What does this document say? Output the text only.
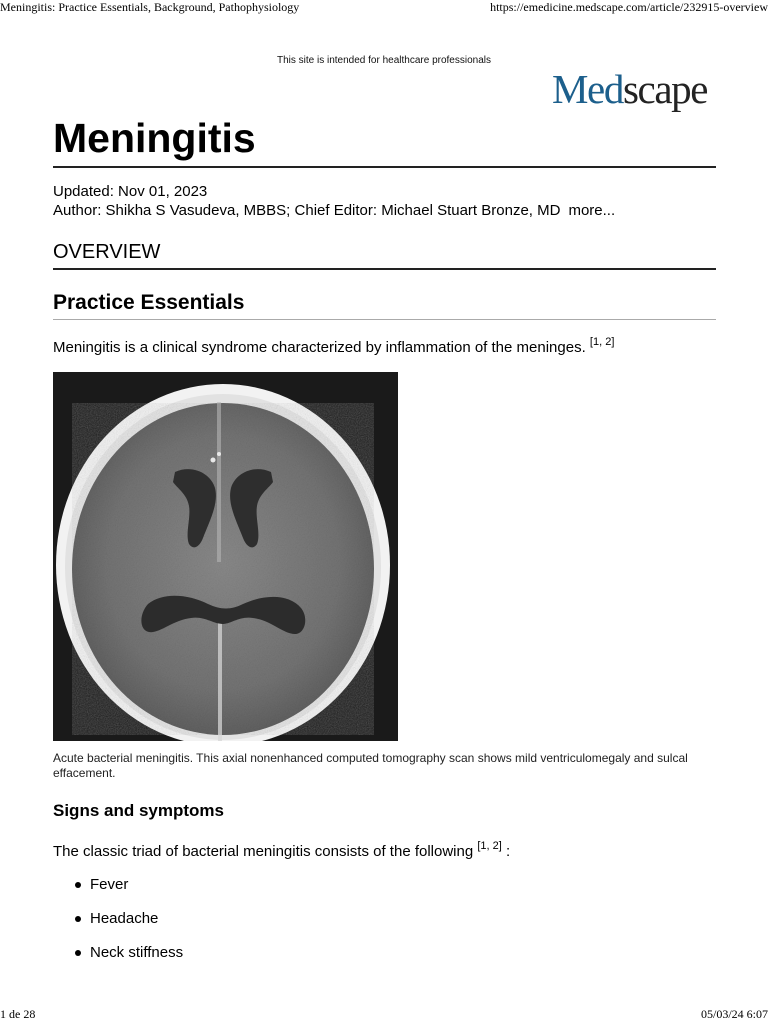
Meningitis: Practice Essentials, Background, Pathophysiology	https://emedicine.medscape.com/article/232915-overview
This site is intended for healthcare professionals
Medscape
Meningitis
Updated: Nov 01, 2023
Author: Shikha S Vasudeva, MBBS; Chief Editor: Michael Stuart Bronze, MD more...
OVERVIEW
Practice Essentials
Meningitis is a clinical syndrome characterized by inflammation of the meninges. [1, 2]
Acute bacterial meningitis. This axial nonenhanced computed tomography scan shows mild ventriculomegaly and sulcal effacement.
Signs and symptoms
The classic triad of bacterial meningitis consists of the following [1, 2] :
Fever
Headache
Neck stiffness
1 de 28	05/03/24 6:07
